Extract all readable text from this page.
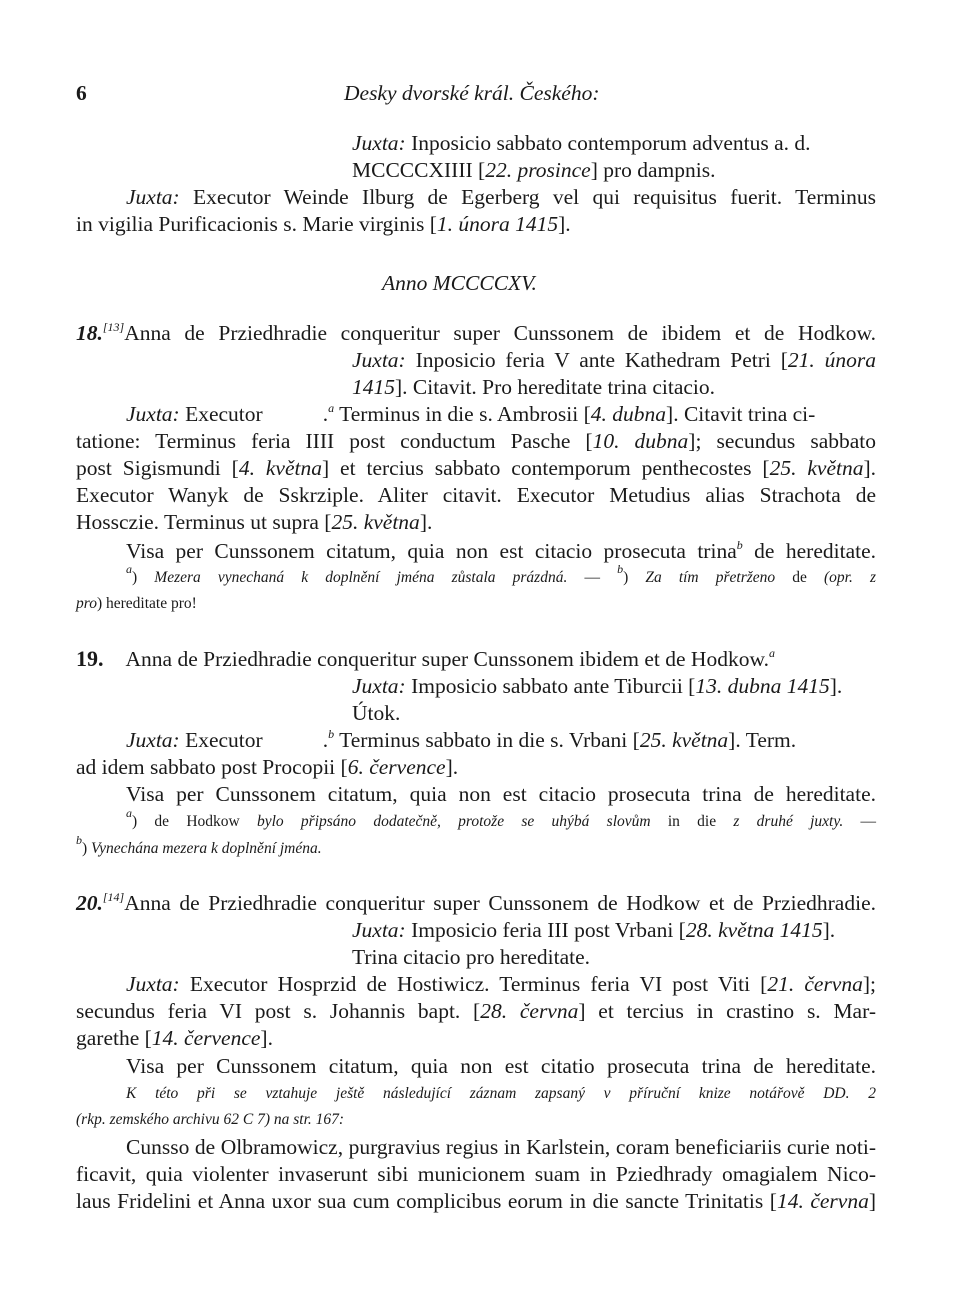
6	Desky dvorské král. Českého:
Juxta: Inposicio sabbato contemporum adventus a. d.
MCCCCXIIII [22. prosince] pro dampnis.
Juxta: Executor Weinde Ilburg de Egerberg vel qui requisitus fuerit. Terminus
in vigilia Purificacionis s. Marie virginis [1. února 1415].
Anno MCCCCXV.
18.[13]Anna de Prziedhradie conqueritur super Cunssonem de ibidem et de Hodkow.
Juxta: Inposicio feria V ante Kathedram Petri [21. února
1415]. Citavit. Pro hereditate trina citacio.
Juxta: Executor	.$^a$ Terminus in die s. Ambrosii [4. dubna]. Citavit trina ci-
tatione: Terminus feria IIII post conductum Pasche [10. dubna]; secundus sabbato
post Sigismundi [4. května] et tercius sabbato contemporum penthecostes [25. května].
Executor Wanyk de Sskrziple. Aliter citavit. Executor Metudius alias Strachota de
Hossczie. Terminus ut supra [25. května].
Visa per Cunssonem citatum, quia non est citacio prosecuta trina$^b$ de hereditate.
$^a$) Mezera vynechaná k doplnění jména zůstala prázdná. — $^b$) Za tím přetrženo de (opr. z
pro) hereditate pro!
19. Anna de Prziedhradie conqueritur super Cunssonem ibidem et de Hodkow.$^a$
Juxta: Imposicio sabbato ante Tiburcii [13. dubna 1415].
Útok.
Juxta: Executor	.$^b$ Terminus sabbato in die s. Vrbani [25. května]. Term.
ad idem sabbato post Procopii [6. července].
Visa per Cunssonem citatum, quia non est citacio prosecuta trina de hereditate.
$^a$) de Hodkow bylo připsáno dodatečně, protože se uhýbá slovům in die z druhé juxty. —
$^b$) Vynechána mezera k doplnění jména.
20.[14]Anna de Prziedhradie conqueritur super Cunssonem de Hodkow et de Prziedhradie.
Juxta: Imposicio feria III post Vrbani [28. května 1415].
Trina citacio pro hereditate.
Juxta: Executor Hosprzid de Hostiwicz. Terminus feria VI post Viti [21. června];
secundus feria VI post s. Johannis bapt. [28. června] et tercius in crastino s. Mar-
garethe [14. července].
Visa per Cunssonem citatum, quia non est citatio prosecuta trina de hereditate.
K této při se vztahuje ještě následující záznam zapsaný v příruční knize notářově DD. 2
(rkp. zemského archivu 62 C 7) na str. 167:
Cunsso de Olbramowicz, purgravius regius in Karlstein, coram beneficiariis curie noti-
ficavit, quia violenter invaserunt sibi municionem suam in Pziedhrady omagialem Nico-
laus Fridelini et Anna uxor sua cum complicibus eorum in die sancte Trinitatis [14. června]
